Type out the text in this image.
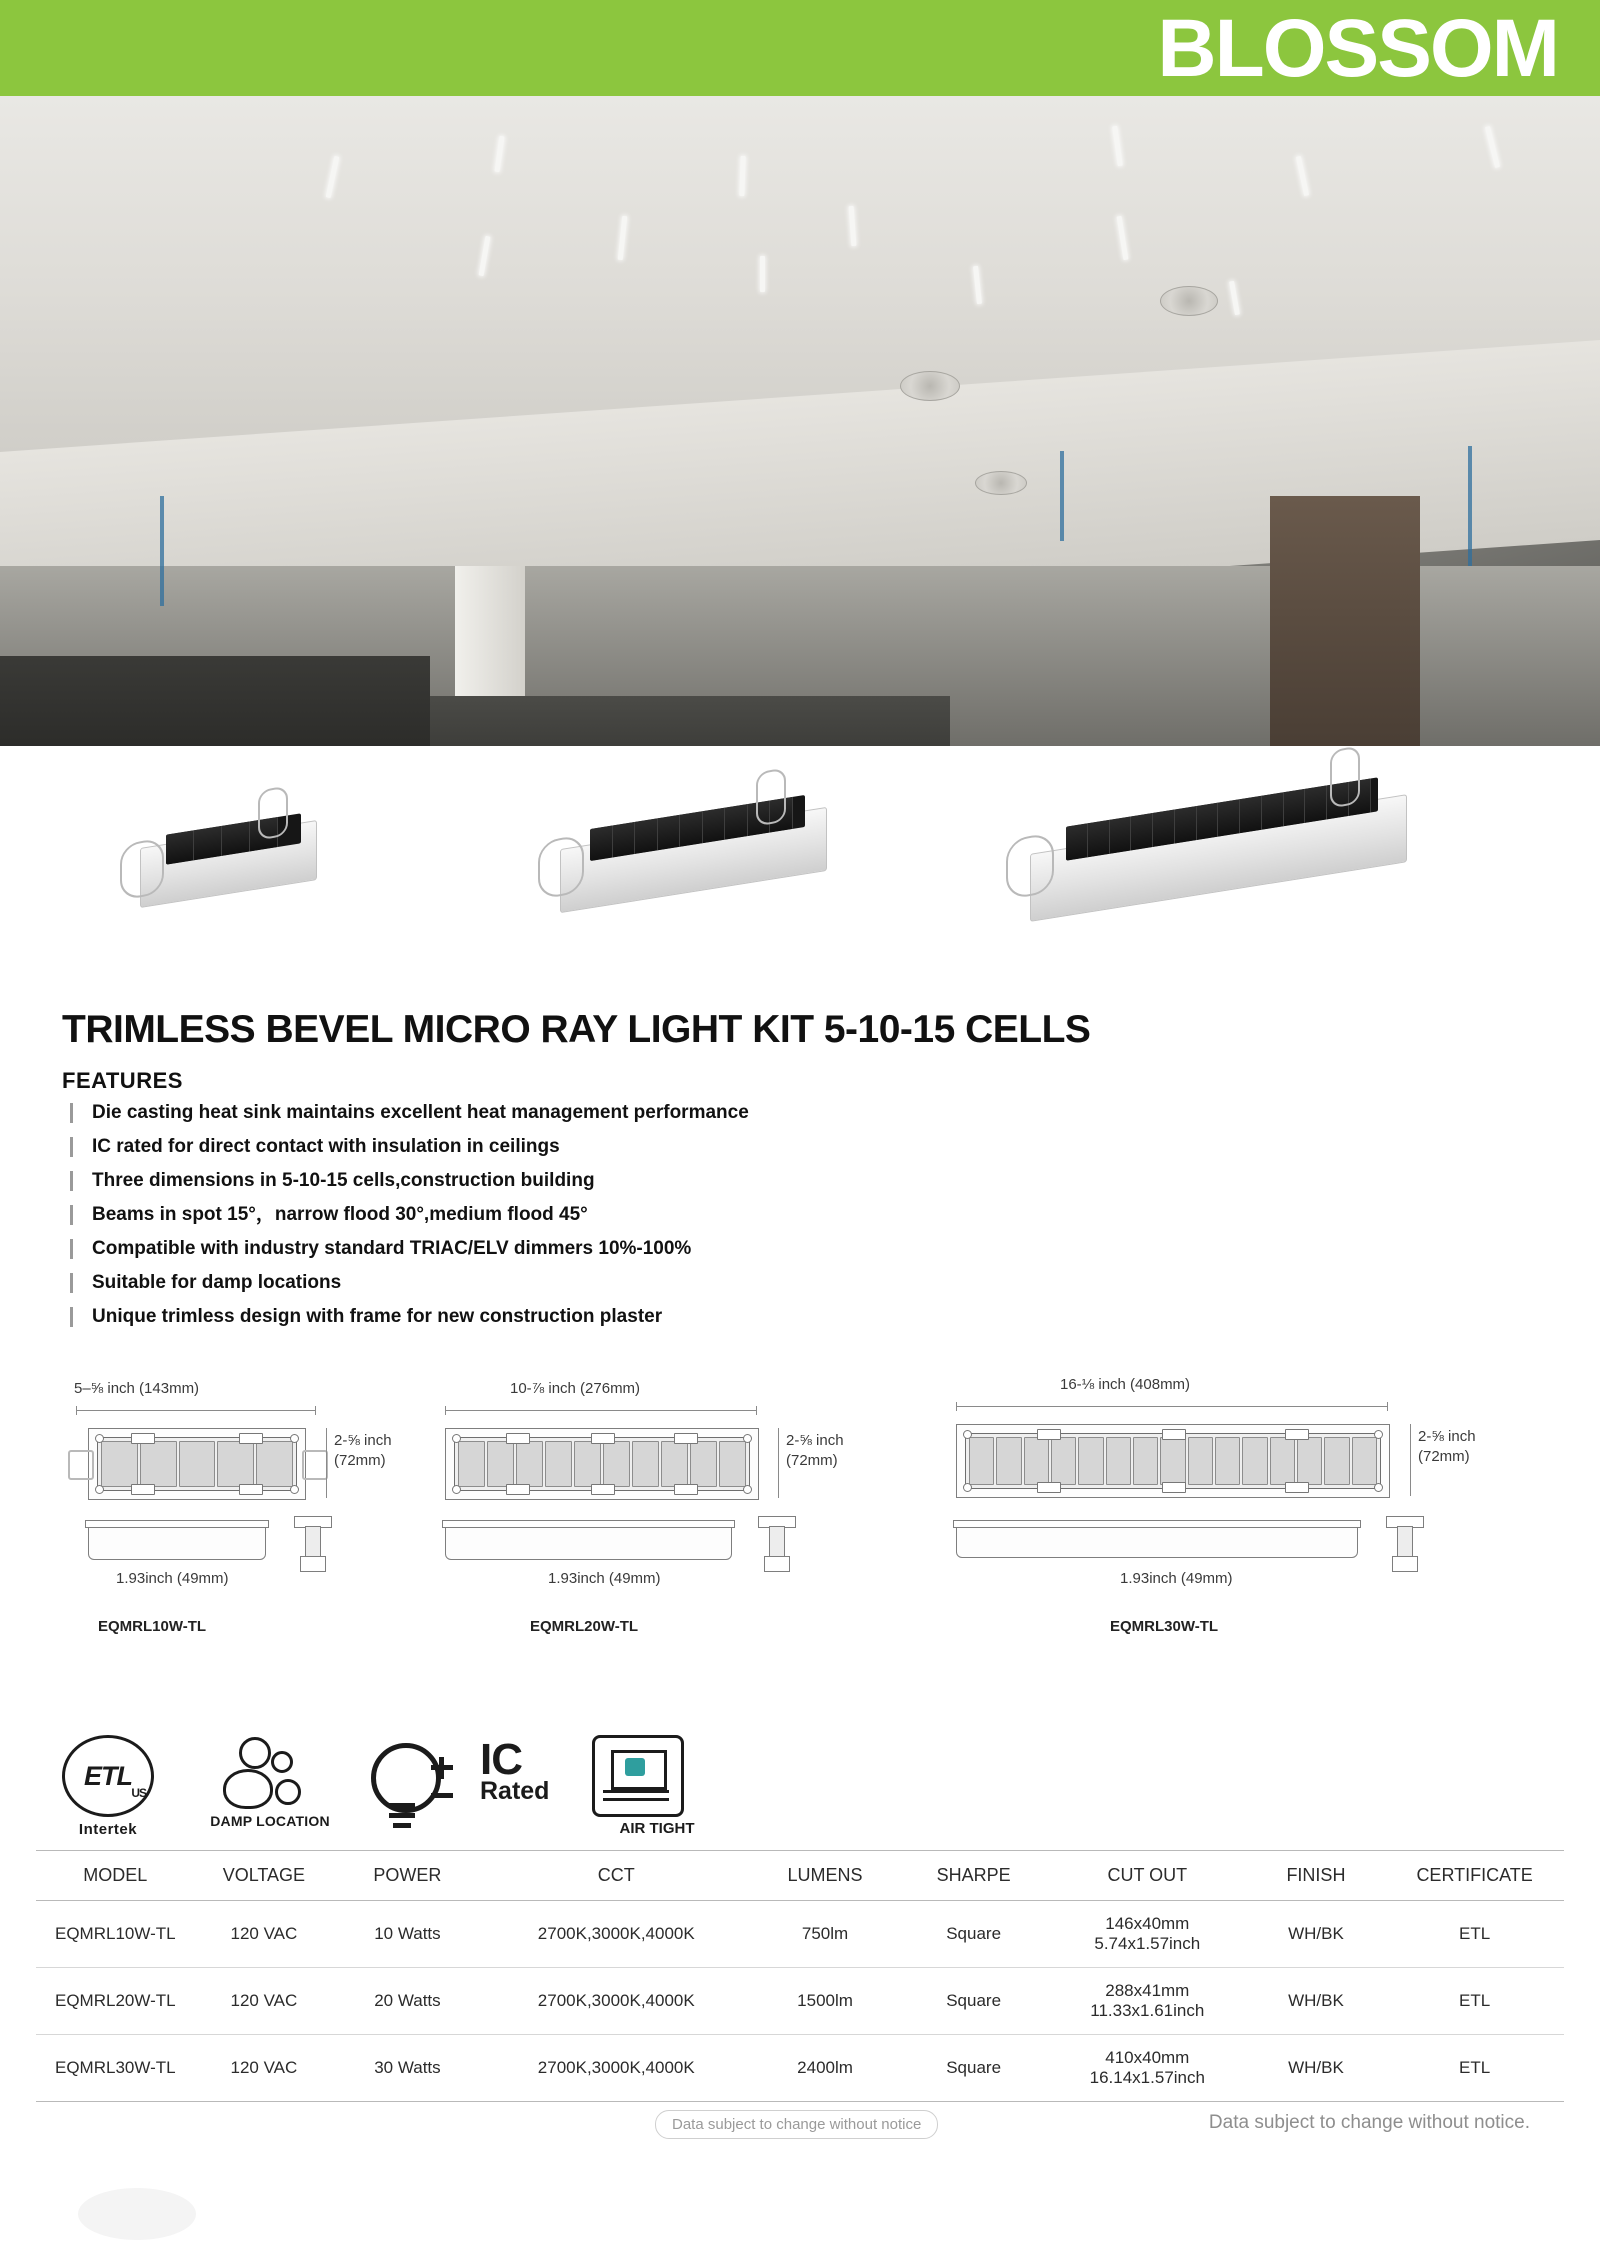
BLOSSOM
TRIMLESS BEVEL MICRO RAY LIGHT KIT 5-10-15 CELLS
FEATURES
Die casting heat sink maintains excellent heat management performance
IC rated for direct contact with insulation in ceilings
Three dimensions in 5-10-15 cells,construction building
Beams in spot 15°，narrow flood 30°,medium flood 45°
Compatible with industry standard TRIAC/ELV dimmers 10%-100%
Suitable for damp locations
Unique trimless design with frame for new construction plaster
5–⅝ inch (143mm)
2-⅝ inch
(72mm)
1.93inch (49mm)
EQMRL10W-TL
10-⅞ inch (276mm)
2-⅝ inch
(72mm)
1.93inch (49mm)
EQMRL20W-TL
16-⅛ inch (408mm)
2-⅝ inch
(72mm)
1.93inch (49mm)
EQMRL30W-TL
ETL
US
Intertek	DAMP LOCATION
IC
Rated
AIR TIGHT
MODEL	VOLTAGE	POWER	CCT	LUMENS	SHARPE	CUT OUT	FINISH	CERTIFICATE
EQMRL10W-TL	120 VAC	10 Watts	2700K,3000K,4000K	750lm	Square	146x40mm
5.74x1.57inch	WH/BK	ETL
EQMRL20W-TL	120 VAC	20 Watts	2700K,3000K,4000K	1500lm	Square	288x41mm
11.33x1.61inch	WH/BK	ETL
EQMRL30W-TL	120 VAC	30 Watts	2700K,3000K,4000K	2400lm	Square	410x40mm
16.14x1.57inch	WH/BK	ETL
Data subject to change without notice	Data subject to change without notice.
